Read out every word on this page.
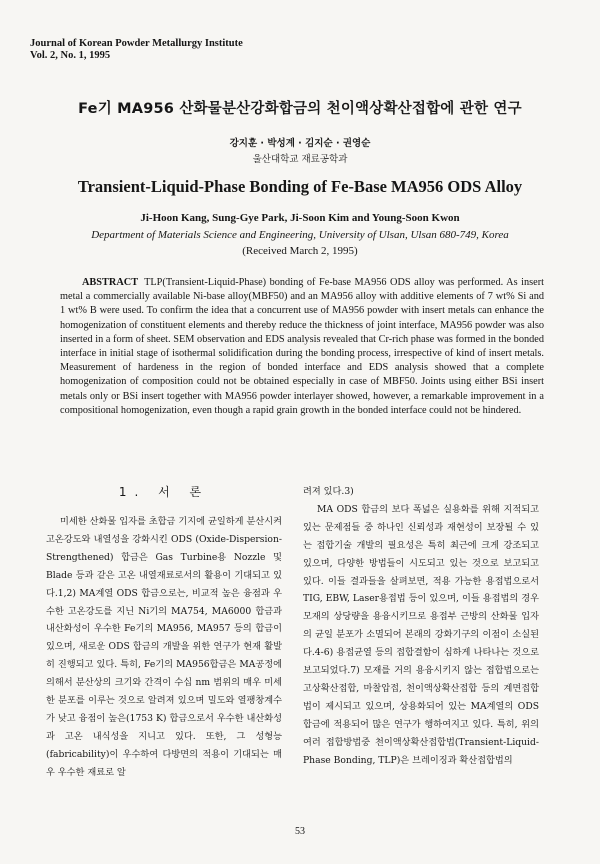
Journal of Korean Powder Metallurgy Institute
Vol. 2, No. 1, 1995
Fe기 MA956 산화물분산강화합금의 천이액상확산접합에 관한 연구
강지훈 · 박성계 · 김지순 · 권영순
울산대학교 재료공학과
Transient-Liquid-Phase Bonding of Fe-Base MA956 ODS Alloy
Ji-Hoon Kang, Sung-Gye Park, Ji-Soon Kim and Young-Soon Kwon
Department of Materials Science and Engineering, University of Ulsan, Ulsan 680-749, Korea
(Received March 2, 1995)
ABSTRACT TLP(Transient-Liquid-Phase) bonding of Fe-base MA956 ODS alloy was performed. As insert metal a commercially available Ni-base alloy(MBF50) and an MA956 alloy with additive elements of 7 wt% Si and 1 wt% B were used. To confirm the idea that a concurrent use of MA956 powder with insert metals can enhance the homogenization of constituent elements and thereby reduce the thickness of joint interface, MA956 powder was also inserted in a form of sheet. SEM observation and EDS analysis revealed that Cr-rich phase was formed in the bonded interface in initial stage of isothermal solidification during the bonding process, irrespective of kind of insert metals. Measurement of hardeness in the region of bonded interface and EDS analysis showed that a complete homogenization of composition could not be obtained especially in case of MBF50. Joints using either BSi insert metals only or BSi insert together with MA956 powder interlayer showed, however, a remarkable improvement in a compositional homogenization, even though a rapid grain growth in the bonded interface could not be hindered.
1. 서 론

미세한 산화물 입자를 초합금 기지에 균일하게 분산시켜 고온강도와 내열성을 강화시킨 ODS (Oxide-Dispersion-Strengthened) 합금은 Gas Turbine용 Nozzle 및 Blade 등과 같은 고온 내열재료로서의 활용이 기대되고 있다.1,2) MA계열 ODS 합금으로는, 비교적 높은 융점과 우수한 고온강도를 지닌 Ni기의 MA754, MA6000 합금과 내산화성이 우수한 Fe기의 MA956, MA957 등의 합금이 있으며, 새로운 ODS 합금의 개발을 위한 연구가 현재 활발히 진행되고 있다. 특히, Fe기의 MA956합금은 MA공정에 의해서 분산상의 크기와 간격이 수십 nm 범위의 매우 미세한 분포를 이루는 것으로 알려져 있으며 밀도와 열팽창계수가 낮고 융점이 높은(1753 K) 합금으로서 우수한 내산화성과 고온 내식성을 지니고 있다. 또한, 그 성형능(fabricability)이 우수하여 다방면의 적용이 기대되는 매우 우수한 재료로 알

려져 있다.3)

MA ODS 합금의 보다 폭넓은 실용화를 위해 지적되고 있는 문제점들 중 하나인 신뢰성과 재현성이 보장될 수 있는 접합기술 개발의 필요성은 특히 최근에 크게 강조되고 있으며, 다양한 방법들이 시도되고 있는 것으로 보고되고 있다. 이들 결과들을 살펴보면, 적용 가능한 용접법으로서 TIG, EBW, Laser용접법 등이 있으며, 이들 용접법의 경우 모재의 상당량을 용융시키므로 용접부 근방의 산화물 입자의 균일 분포가 소멸되어 본래의 강화기구의 이점이 소실된다.4-6) 용접균열 등의 접합결함이 심하게 나타나는 것으로 보고되었다.7) 모재를 거의 용융시키지 않는 접합법으로는 고상확산접합, 마찰압접, 천이액상확산접합 등의 계면접합법이 제시되고 있으며, 상용화되어 있는 MA계열의 ODS 합금에 적용되어 많은 연구가 행하여지고 있다. 특히, 위의 여러 접합방법중 천이액상확산접합법(Transient-Liquid-Phase Bonding, TLP)은 브레이징과 확산접합법의

53
